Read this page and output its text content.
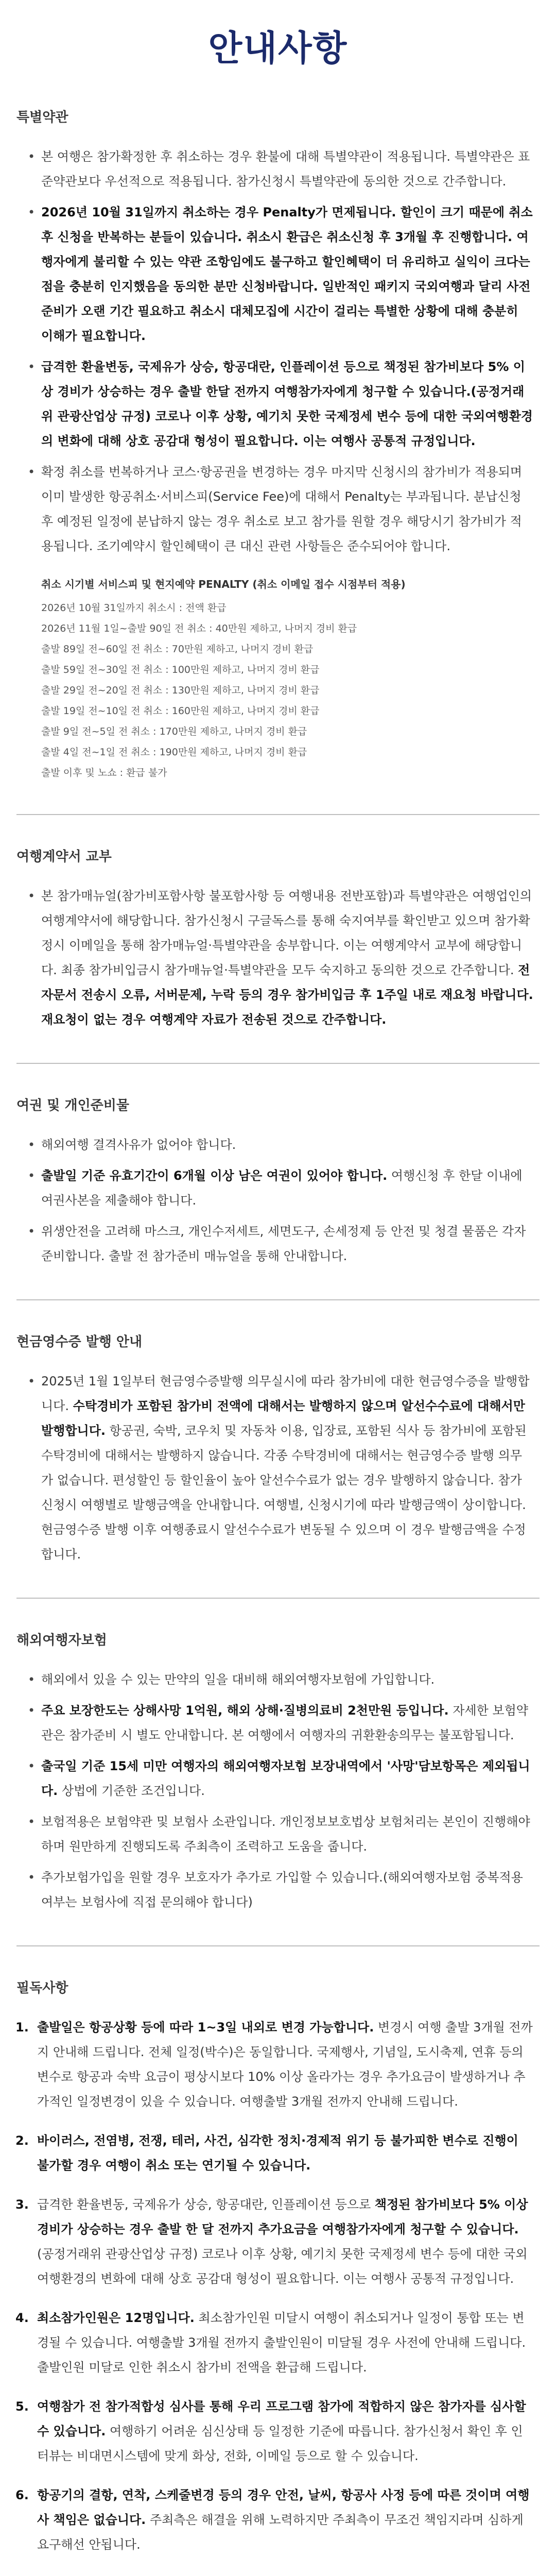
안내사항
특별약관
• 본 여행은 참가확정한 후 취소하는 경우 환불에 대해 특별약관이 적용됩니다. 특별약관은 표준약관보다 우선적으로 적용됩니다. 참가신청시 특별약관에 동의한 것으로 간주합니다.
• 2026년 10월 31일까지 취소하는 경우 Penalty가 면제됩니다. 할인이 크기 때문에 취소 후 신청을 반복하는 분들이 있습니다. 취소시 환급은 취소신청 후 3개월 후 진행합니다. 여행자에게 불리할 수 있는 약관 조항임에도 불구하고 할인혜택이 더 유리하고 실익이 크다는 점을 충분히 인지했음을 동의한 분만 신청바랍니다. 일반적인 패키지 국외여행과 달리 사전 준비가 오랜 기간 필요하고 취소시 대체모집에 시간이 걸리는 특별한 상황에 대해 충분히 이해가 필요합니다.
• 급격한 환율변동, 국제유가 상승, 항공대란, 인플레이션 등으로 책정된 참가비보다 5% 이상 경비가 상승하는 경우 출발 한달 전까지 여행참가자에게 청구할 수 있습니다.(공정거래위 관광산업상 규정) 코로나 이후 상황, 예기치 못한 국제정세 변수 등에 대한 국외여행환경의 변화에 대해 상호 공감대 형성이 필요합니다. 이는 여행사 공통적 규정입니다.
• 확정 취소를 번복하거나 코스·항공권을 변경하는 경우 마지막 신청시의 참가비가 적용되며 이미 발생한 항공취소·서비스피(Service Fee)에 대해서 Penalty는 부과됩니다. 분납신청 후 예정된 일정에 분납하지 않는 경우 취소로 보고 참가를 원할 경우 해당시기 참가비가 적용됩니다. 조기예약시 할인혜택이 큰 대신 관련 사항들은 준수되어야 합니다.
취소 시기별 서비스피 및 현지예약 PENALTY (취소 이메일 접수 시점부터 적용)
2026년 10월 31일까지 취소시 : 전액 환급
2026년 11월 1일~출발 90일 전 취소 : 40만원 제하고, 나머지 경비 환급
출발 89일 전~60일 전 취소 : 70만원 제하고, 나머지 경비 환급
출발 59일 전~30일 전 취소 : 100만원 제하고, 나머지 경비 환급
출발 29일 전~20일 전 취소 : 130만원 제하고, 나머지 경비 환급
출발 19일 전~10일 전 취소 : 160만원 제하고, 나머지 경비 환급
출발 9일 전~5일 전 취소 : 170만원 제하고, 나머지 경비 환급
출발 4일 전~1일 전 취소 : 190만원 제하고, 나머지 경비 환급
출발 이후 및 노쇼 : 환급 불가
여행계약서 교부
• 본 참가매뉴얼(참가비포함사항 불포함사항 등 여행내용 전반포함)과 특별약관은 여행업인의 여행계약서에 해당합니다. 참가신청시 구글독스를 통해 숙지여부를 확인받고 있으며 참가확정시 이메일을 통해 참가매뉴얼·특별약관을 송부합니다. 이는 여행계약서 교부에 해당합니다. 최종 참가비입금시 참가매뉴얼·특별약관을 모두 숙지하고 동의한 것으로 간주합니다. 전자문서 전송시 오류, 서버문제, 누락 등의 경우 참가비입금 후 1주일 내로 재요청 바랍니다. 재요청이 없는 경우 여행계약 자료가 전송된 것으로 간주합니다.
여권 및 개인준비물
• 해외여행 결격사유가 없어야 합니다.
• 출발일 기준 유효기간이 6개월 이상 남은 여권이 있어야 합니다. 여행신청 후 한달 이내에 여권사본을 제출해야 합니다.
• 위생안전을 고려해 마스크, 개인수저세트, 세면도구, 손세정제 등 안전 및 청결 물품은 각자 준비합니다. 출발 전 참가준비 매뉴얼을 통해 안내합니다.
현금영수증 발행 안내
• 2025년 1월 1일부터 현금영수증발행 의무실시에 따라 참가비에 대한 현금영수증을 발행합니다. 수탁경비가 포함된 참가비 전액에 대해서는 발행하지 않으며 알선수수료에 대해서만 발행합니다. 항공권, 숙박, 코우치 및 자동차 이용, 입장료, 포함된 식사 등 참가비에 포함된 수탁경비에 대해서는 발행하지 않습니다. 각종 수탁경비에 대해서는 현금영수증 발행 의무가 없습니다. 편성할인 등 할인율이 높아 알선수수료가 없는 경우 발행하지 않습니다. 참가신청시 여행별로 발행금액을 안내합니다. 여행별, 신청시기에 따라 발행금액이 상이합니다. 현금영수증 발행 이후 여행종료시 알선수수료가 변동될 수 있으며 이 경우 발행금액을 수정합니다.
해외여행자보험
• 해외에서 있을 수 있는 만약의 일을 대비해 해외여행자보험에 가입합니다.
• 주요 보장한도는 상해사망 1억원, 해외 상해·질병의료비 2천만원 등입니다. 자세한 보험약관은 참가준비 시 별도 안내합니다. 본 여행에서 여행자의 귀환환송의무는 불포함됩니다.
• 출국일 기준 15세 미만 여행자의 해외여행자보험 보장내역에서 '사망'담보항목은 제외됩니다. 상법에 기준한 조건입니다.
• 보험적용은 보험약관 및 보험사 소관입니다. 개인정보보호법상 보험처리는 본인이 진행해야 하며 원만하게 진행되도록 주최측이 조력하고 도움을 줍니다.
• 추가보험가입을 원할 경우 보호자가 추가로 가입할 수 있습니다.(해외여행자보험 중복적용 여부는 보험사에 직접 문의해야 합니다)
필독사항
1. 출발일은 항공상황 등에 따라 1~3일 내외로 변경 가능합니다. 변경시 여행 출발 3개월 전까지 안내해 드립니다. 전체 일정(박수)은 동일합니다. 국제행사, 기념일, 도시축제, 연휴 등의 변수로 항공과 숙박 요금이 평상시보다 10% 이상 올라가는 경우 추가요금이 발생하거나 추가적인 일정변경이 있을 수 있습니다. 여행출발 3개월 전까지 안내해 드립니다.
2. 바이러스, 전염병, 전쟁, 테러, 사건, 심각한 정치·경제적 위기 등 불가피한 변수로 진행이 불가할 경우 여행이 취소 또는 연기될 수 있습니다.
3. 급격한 환율변동, 국제유가 상승, 항공대란, 인플레이션 등으로 책정된 참가비보다 5% 이상 경비가 상승하는 경우 출발 한 달 전까지 추가요금을 여행참가자에게 청구할 수 있습니다. (공정거래위 관광산업상 규정) 코로나 이후 상황, 예기치 못한 국제정세 변수 등에 대한 국외여행환경의 변화에 대해 상호 공감대 형성이 필요합니다. 이는 여행사 공통적 규정입니다.
4. 최소참가인원은 12명입니다. 최소참가인원 미달시 여행이 취소되거나 일정이 통합 또는 변경될 수 있습니다. 여행출발 3개월 전까지 출발인원이 미달될 경우 사전에 안내해 드립니다. 출발인원 미달로 인한 취소시 참가비 전액을 환급해 드립니다.
5. 여행참가 전 참가적합성 심사를 통해 우리 프로그램 참가에 적합하지 않은 참가자를 심사할 수 있습니다. 여행하기 어려운 심신상태 등 일정한 기준에 따릅니다. 참가신청서 확인 후 인터뷰는 비대면시스템에 맞게 화상, 전화, 이메일 등으로 할 수 있습니다.
6. 항공기의 결항, 연착, 스케줄변경 등의 경우 안전, 날씨, 항공사 사정 등에 따른 것이며 여행사 책임은 없습니다. 주최측은 해결을 위해 노력하지만 주최측이 무조건 책임지라며 심하게 요구해선 안됩니다.
